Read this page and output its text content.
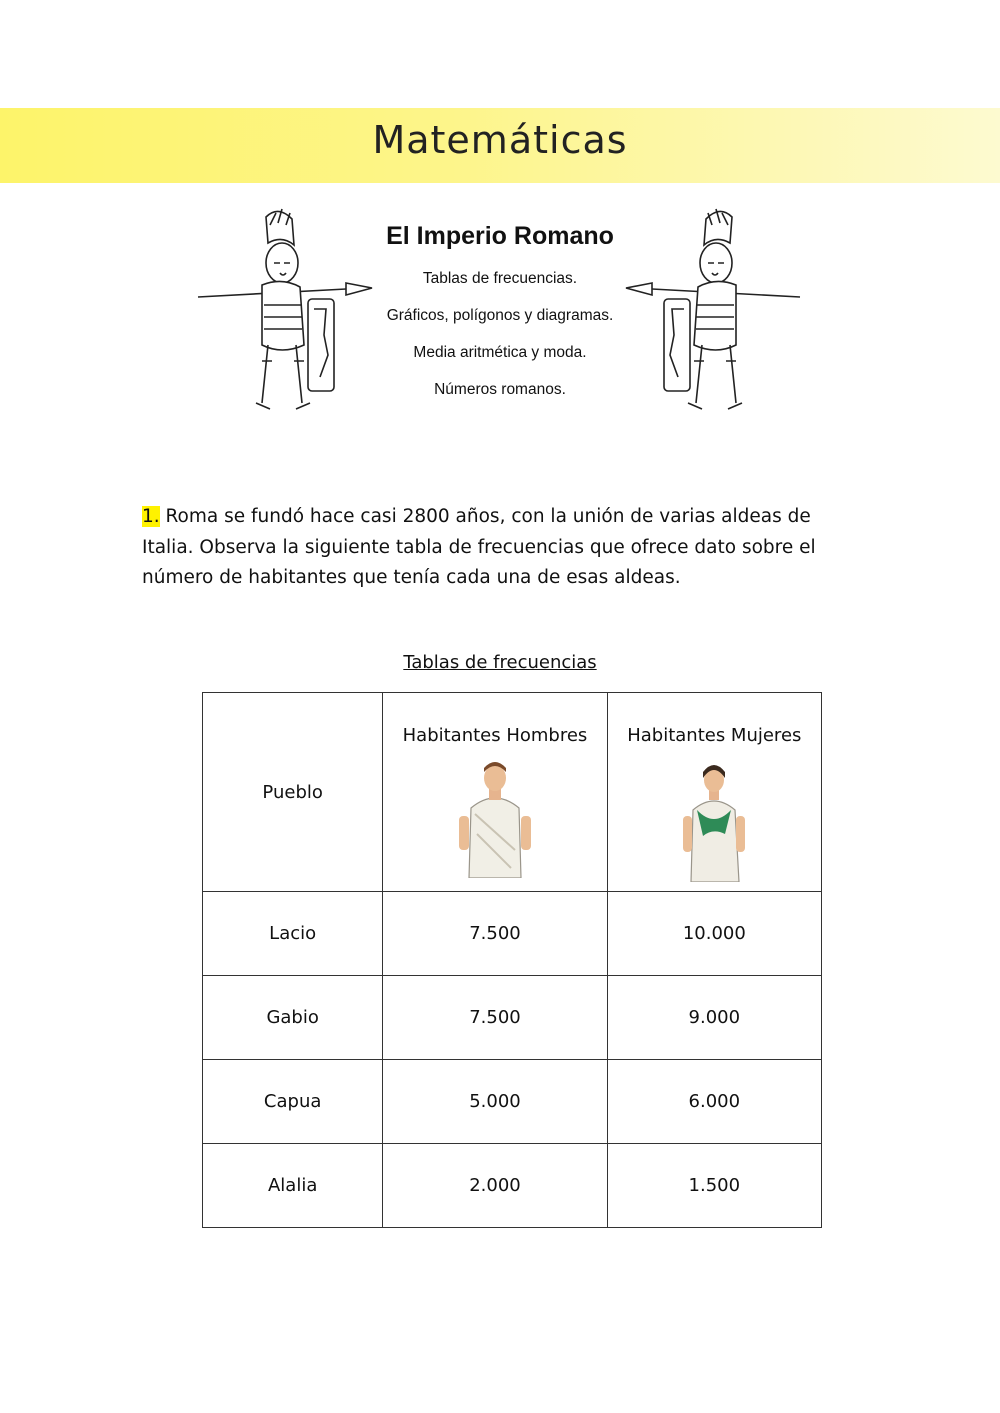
Matemáticas
El Imperio Romano
Tablas de frecuencias.
Gráficos, polígonos y diagramas.
Media aritmética y moda.
Números romanos.
1. Roma se fundó hace casi 2800 años, con la unión de varias aldeas de Italia. Observa la siguiente tabla de frecuencias que ofrece dato sobre el número de habitantes que tenía cada una de esas aldeas.
Tablas de frecuencias
Pueblo	Habitantes Hombres	Habitantes Mujeres

Lacio	7.500	10.000
Gabio	7.500	9.000
Capua	5.000	6.000
Alalia	2.000	1.500
